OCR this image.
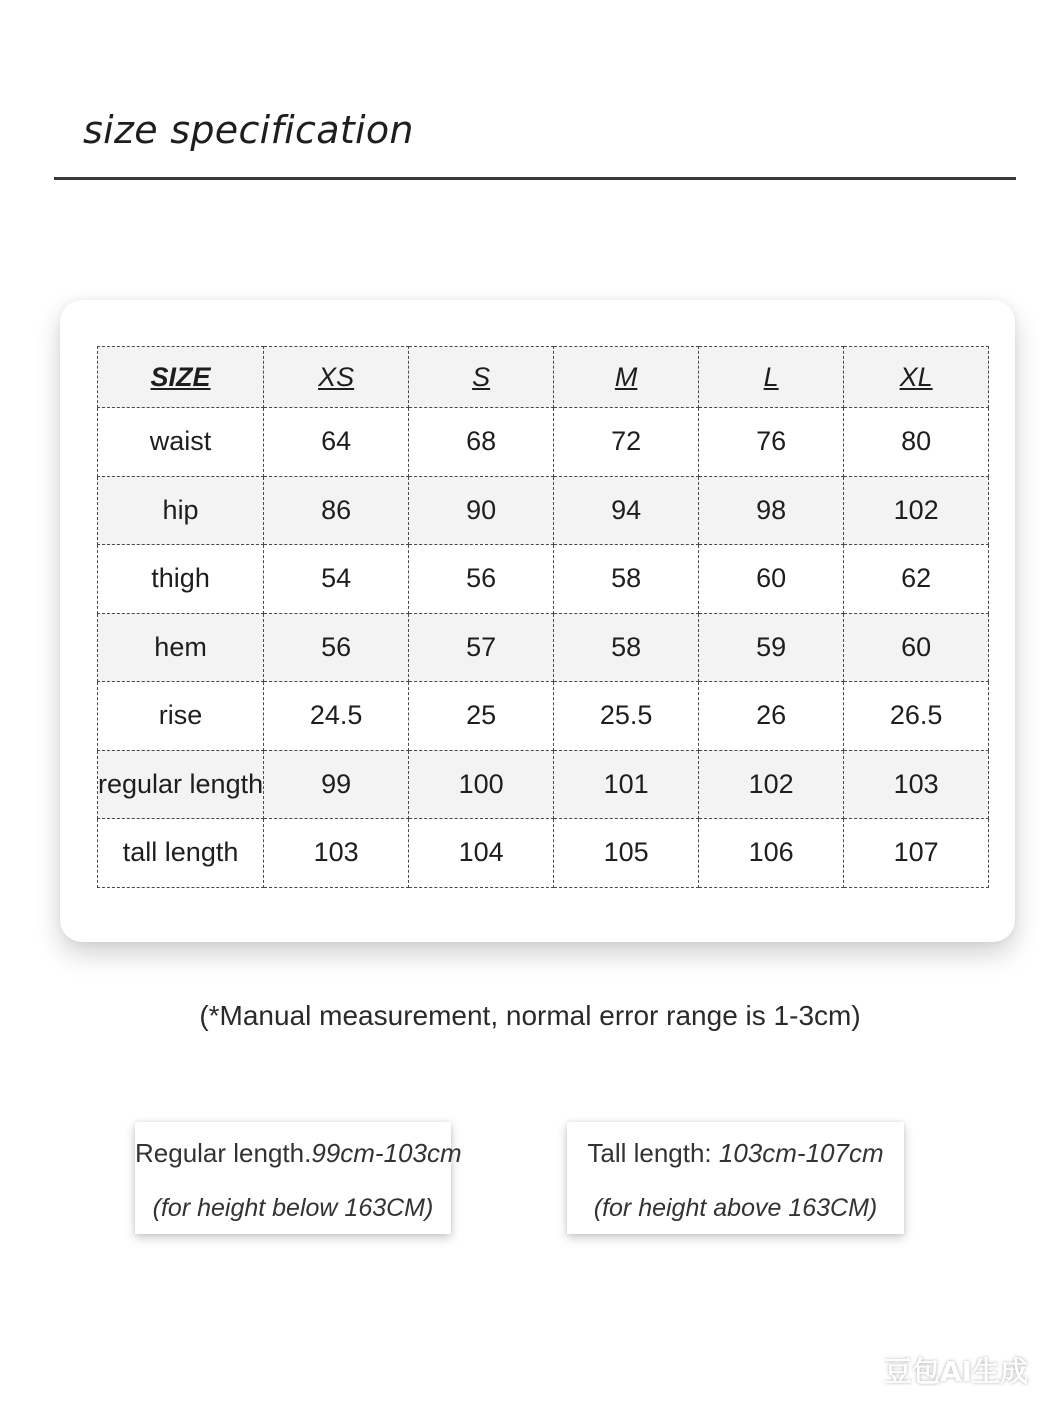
size specification
SIZE	XS	S	M	L	XL
waist	64	68	72	76	80
hip	86	90	94	98	102
thigh	54	56	58	60	62
hem	56	57	58	59	60
rise	24.5	25	25.5	26	26.5
regular length	99	100	101	102	103
tall length	103	104	105	106	107
(*Manual measurement, normal error range is 1-3cm)
Regular length.99cm-103cm
(for height below 163CM)
Tall length: 103cm-107cm
(for height above 163CM)
豆包AI生成
